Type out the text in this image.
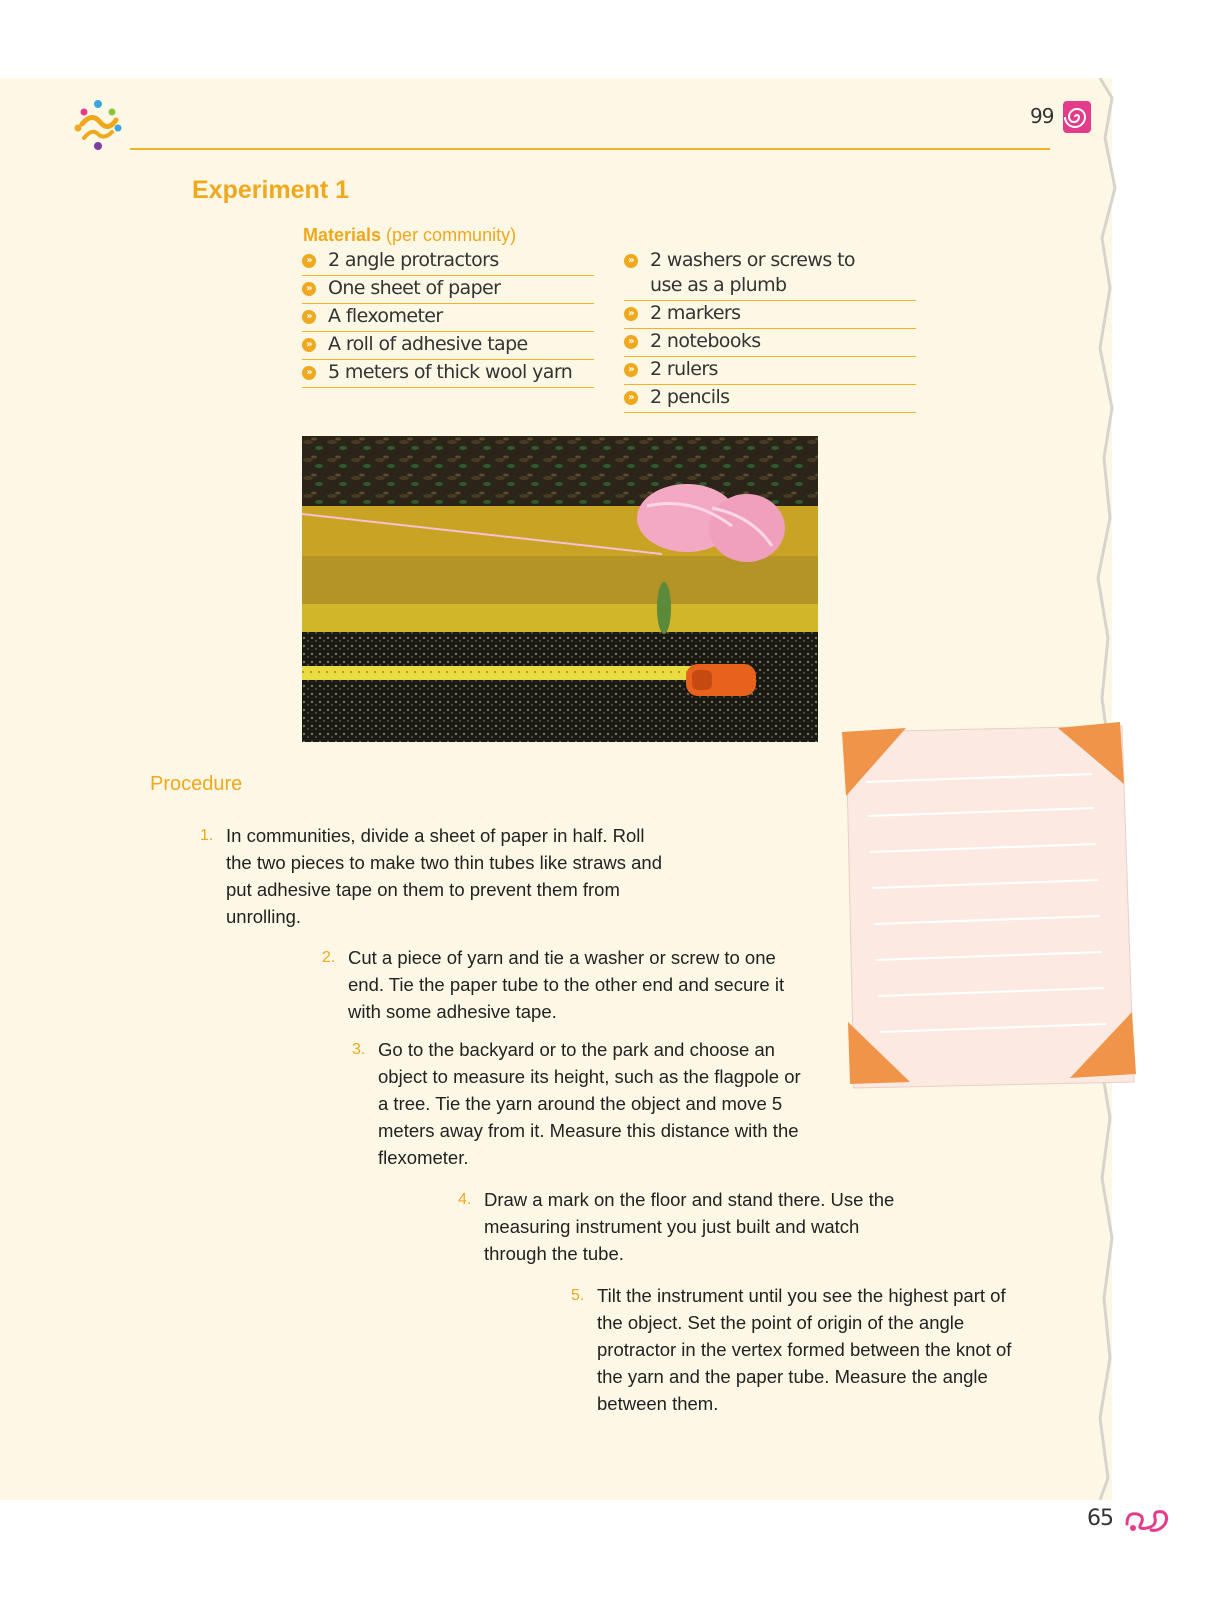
99
Experiment 1
Materials (per community)
» 2 angle protractors
» One sheet of paper
» A flexometer
» A roll of adhesive tape
» 5 meters of thick wool yarn
» 2 washers or screws to use as a plumb
» 2 markers
» 2 notebooks
» 2 rulers
» 2 pencils
Procedure
1. In communities, divide a sheet of paper in half. Roll the two pieces to make two thin tubes like straws and put adhesive tape on them to prevent them from unrolling.
2. Cut a piece of yarn and tie a washer or screw to one end. Tie the paper tube to the other end and secure it with some adhesive tape.
3. Go to the backyard or to the park and choose an object to measure its height, such as the flagpole or a tree. Tie the yarn around the object and move 5 meters away from it. Measure this distance with the flexometer.
4. Draw a mark on the floor and stand there. Use the measuring instrument you just built and watch through the tube.
5. Tilt the instrument until you see the highest part of the object. Set the point of origin of the angle protractor in the vertex formed between the knot of the yarn and the paper tube. Measure the angle between them.
65
